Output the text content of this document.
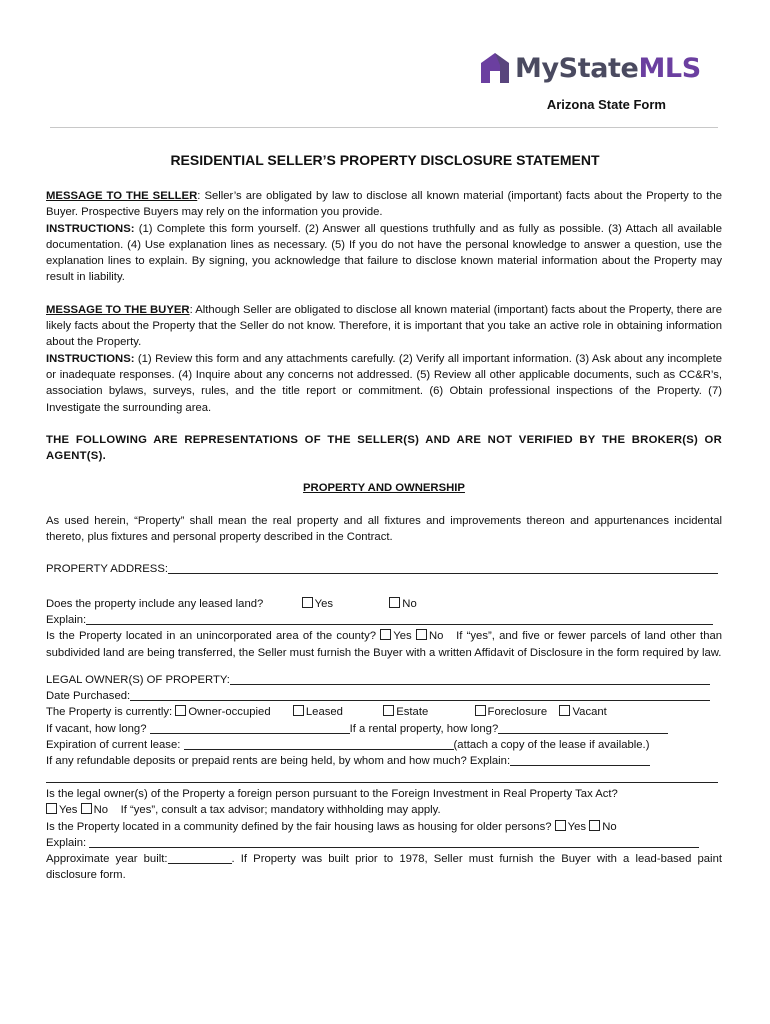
MyStateMLS
Arizona State Form
RESIDENTIAL SELLER’S PROPERTY DISCLOSURE STATEMENT

MESSAGE TO THE SELLER: Seller’s are obligated by law to disclose all known material (important) facts about the Property to the Buyer. Prospective Buyers may rely on the information you provide.

INSTRUCTIONS: (1) Complete this form yourself. (2) Answer all questions truthfully and as fully as possible. (3) Attach all available documentation. (4) Use explanation lines as necessary. (5) If you do not have the personal knowledge to answer a question, use the explanation lines to explain. By signing, you acknowledge that failure to disclose known material information about the Property may result in liability.

MESSAGE TO THE BUYER: Although Seller are obligated to disclose all known material (important) facts about the Property, there are likely facts about the Property that the Seller do not know. Therefore, it is important that you take an active role in obtaining information about the Property.

INSTRUCTIONS: (1) Review this form and any attachments carefully. (2) Verify all important information. (3) Ask about any incomplete or inadequate responses. (4) Inquire about any concerns not addressed. (5) Review all other applicable documents, such as CC&R’s, association bylaws, surveys, rules, and the title report or commitment. (6) Obtain professional inspections of the Property. (7) Investigate the surrounding area.

THE FOLLOWING ARE REPRESENTATIONS OF THE SELLER(S) AND ARE NOT VERIFIED BY THE BROKER(S) OR AGENT(S).

PROPERTY AND OWNERSHIP

As used herein, “Property” shall mean the real property and all fixtures and improvements thereon and appurtenances incidental thereto, plus fixtures and personal property described in the Contract.

PROPERTY ADDRESS:
Does the property include any leased land?	Yes	No
Explain:

Is the Property located in an unincorporated area of the county? Yes No If “yes”, and five or fewer parcels of land other than subdivided land are being transferred, the Seller must furnish the Buyer with a written Affidavit of Disclosure in the form required by law.

LEGAL OWNER(S) OF PROPERTY:
Date Purchased:
The Property is currently: Owner-occupied	Leased	Estate	Foreclosure Vacant
If vacant, how long?	If a rental property, how long?
Expiration of current lease:	(attach a copy of the lease if available.)
If any refundable deposits or prepaid rents are being held, by whom and how much? Explain:
Is the legal owner(s) of the Property a foreign person pursuant to the Foreign Investment in Real Property Tax Act?
Yes No If “yes”, consult a tax advisor; mandatory withholding may apply.
Is the Property located in a community defined by the fair housing laws as housing for older persons? Yes No
Explain:

Approximate year built:	. If Property was built prior to 1978, Seller must furnish the Buyer with a lead-based paint disclosure form.
